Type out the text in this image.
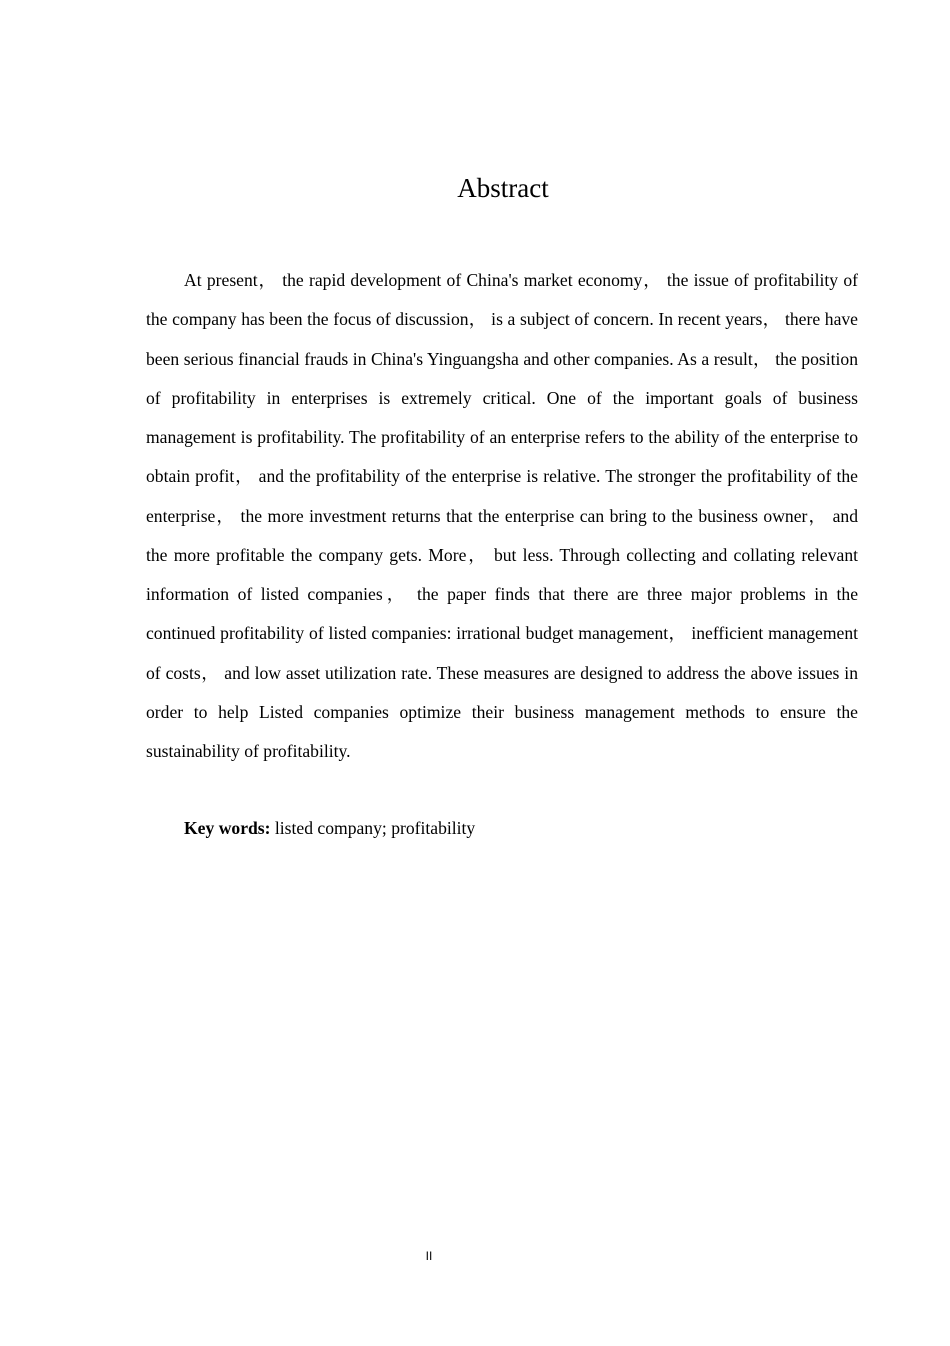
Abstract

At present， the rapid development of China's market economy， the issue of profitability of the company has been the focus of discussion， is a subject of concern. In recent years， there have been serious financial frauds in China's Yinguangsha and other companies. As a result， the position of profitability in enterprises is extremely critical. One of the important goals of business management is profitability. The profitability of an enterprise refers to the ability of the enterprise to obtain profit， and the profitability of the enterprise is relative. The stronger the profitability of the enterprise， the more investment returns that the enterprise can bring to the business owner， and the more profitable the company gets. More， but less. Through collecting and collating relevant information of listed companies， the paper finds that there are three major problems in the continued profitability of listed companies: irrational budget management， inefficient management of costs， and low asset utilization rate. These measures are designed to address the above issues in order to help Listed companies optimize their business management methods to ensure the sustainability of profitability.

Key words: listed company; profitability

II
